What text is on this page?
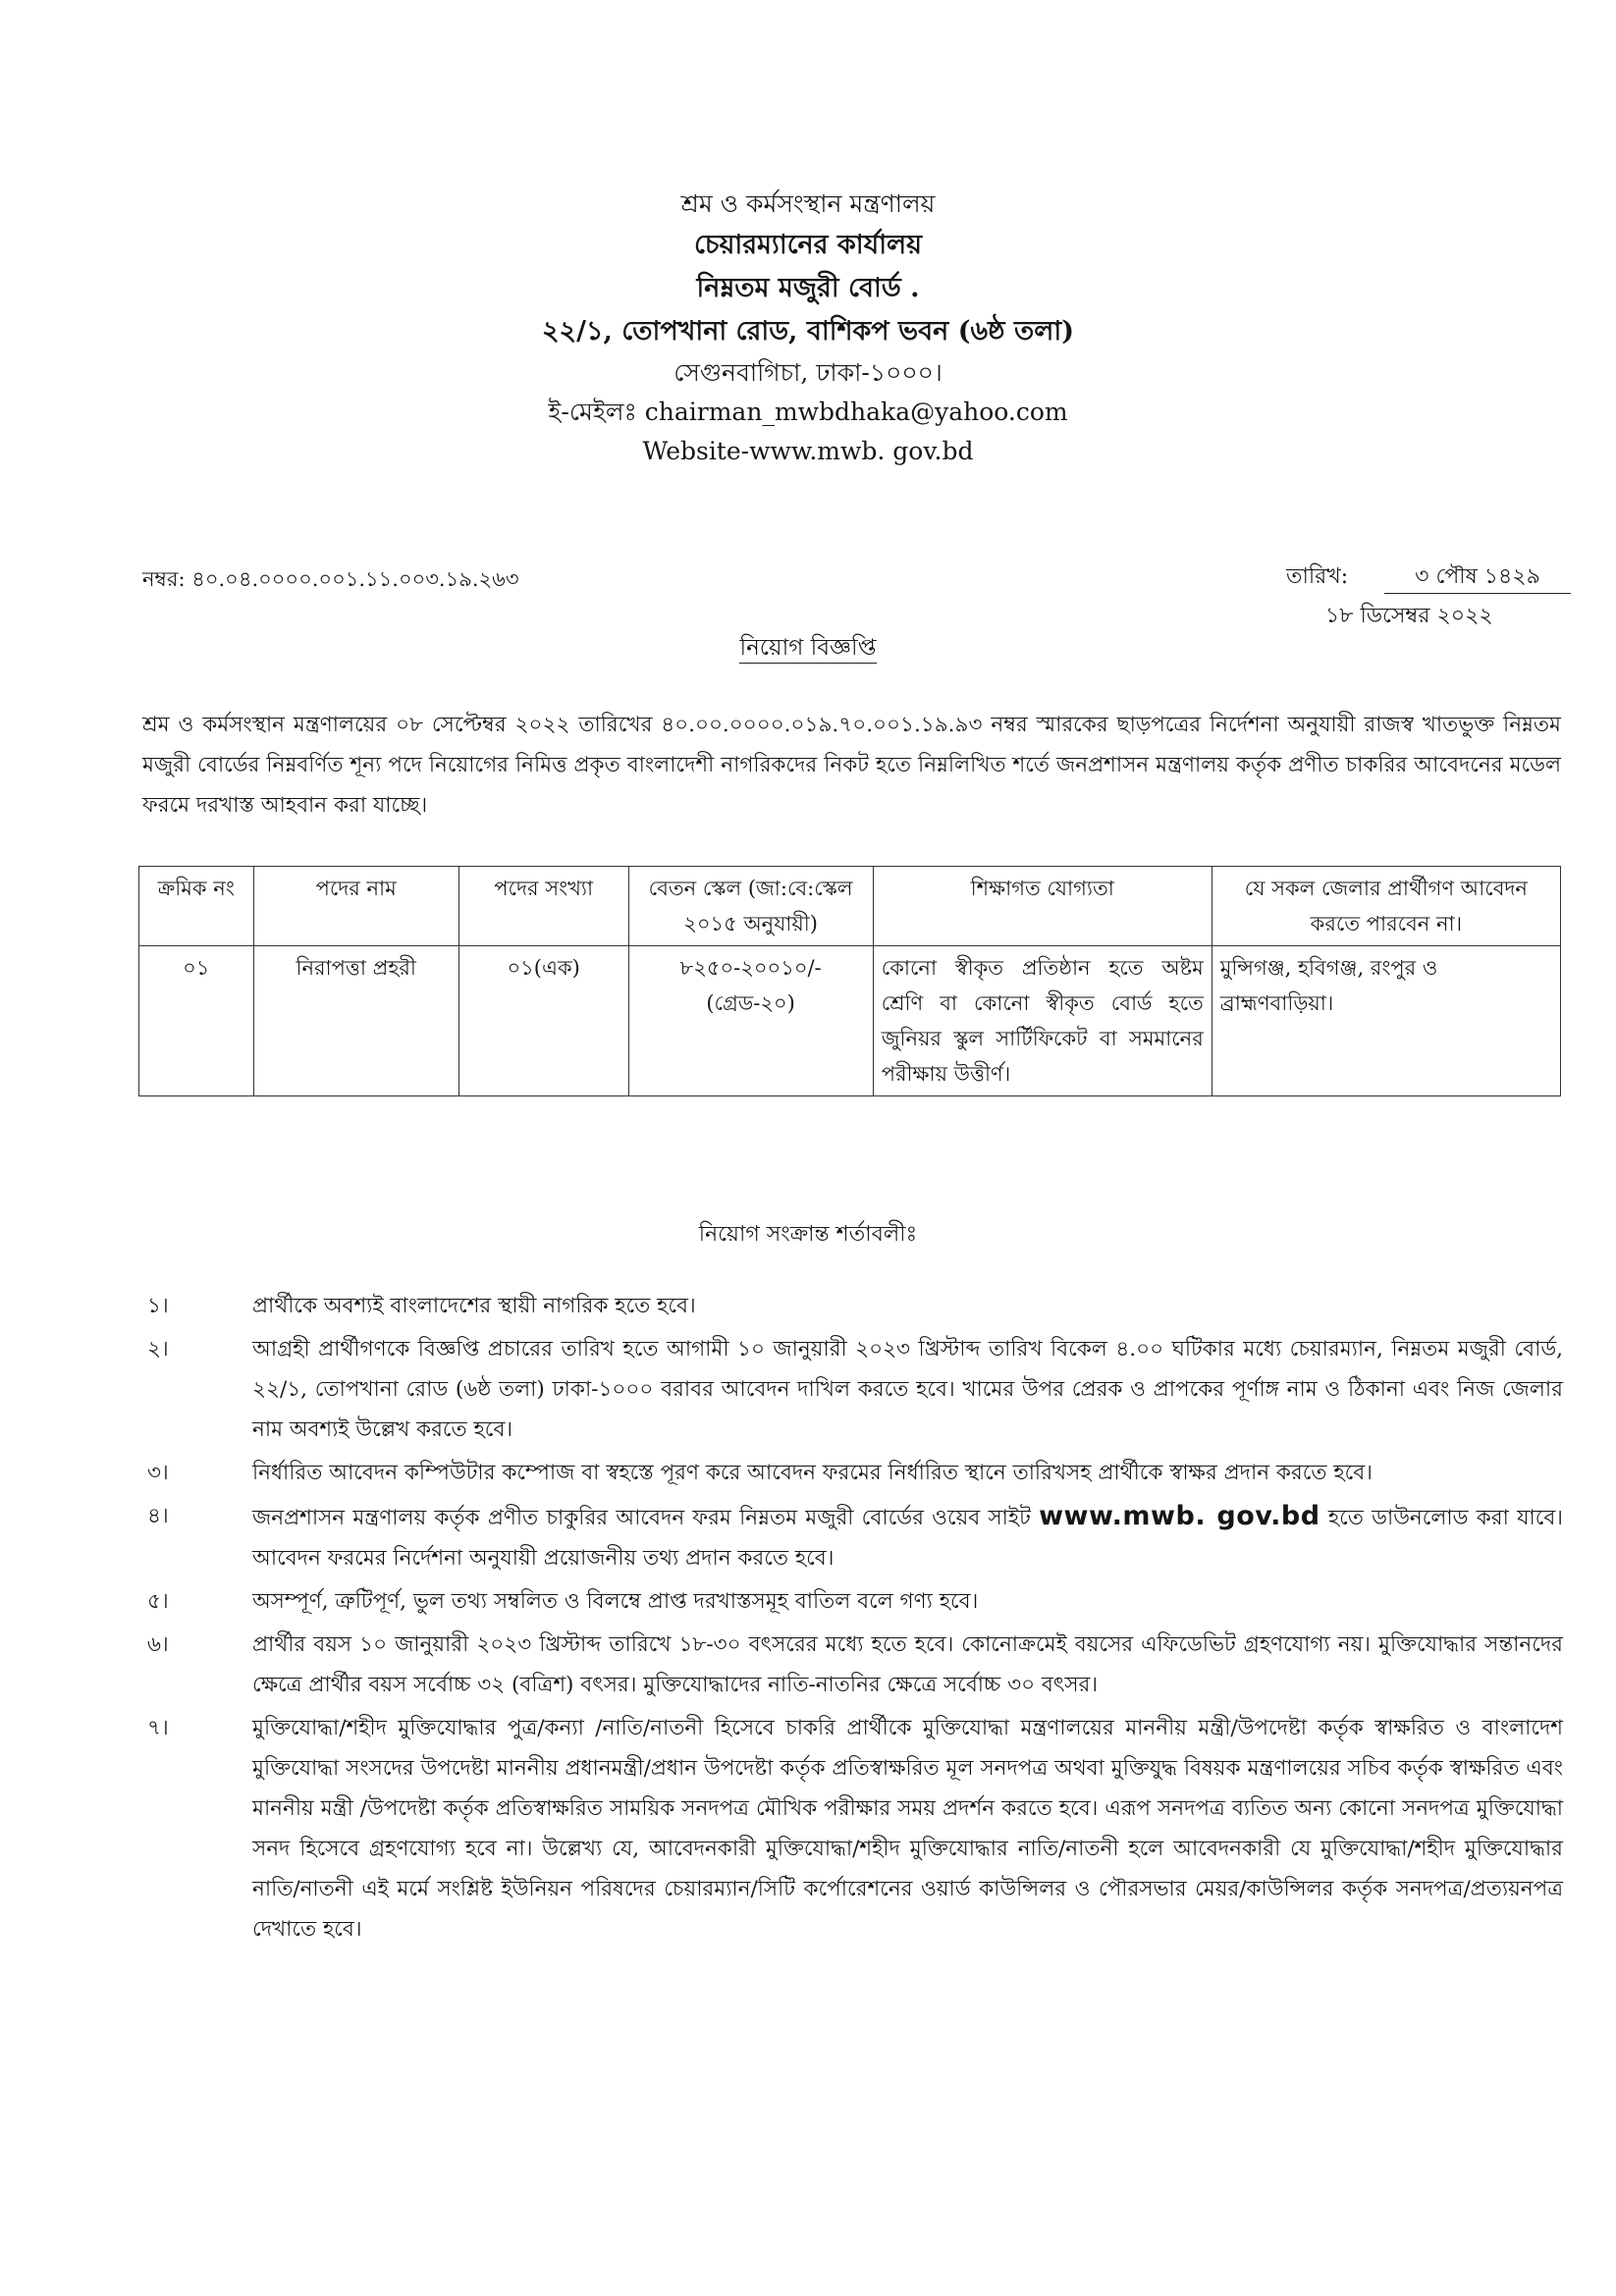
শ্রম ও কর্মসংস্থান মন্ত্রণালয়
চেয়ারম্যানের কার্যালয়
নিম্নতম মজুরী বোর্ড .
২২/১, তোপখানা রোড, বাশিকপ ভবন (৬ষ্ঠ তলা)
সেগুনবাগিচা, ঢাকা-১০০০।
ই-মেইলঃ chairman_mwbdhaka@yahoo.com
Website-www.mwb. gov.bd
নম্বর: ৪০.০৪.০০০০.০০১.১১.০০৩.১৯.২৬৩	তারিখ:	৩ পৌষ ১৪২৯
১৮ ডিসেম্বর ২০২২
নিয়োগ বিজ্ঞপ্তি
শ্রম ও কর্মসংস্থান মন্ত্রণালয়ের ০৮ সেপ্টেম্বর ২০২২ তারিখের ৪০.০০.০০০০.০১৯.৭০.০০১.১৯.৯৩ নম্বর স্মারকের ছাড়পত্রের নির্দেশনা অনুযায়ী রাজস্ব খাতভুক্ত নিম্নতম মজুরী বোর্ডের নিম্নবর্ণিত শূন্য পদে নিয়োগের নিমিত্ত প্রকৃত বাংলাদেশী নাগরিকদের নিকট হতে নিম্নলিখিত শর্তে জনপ্রশাসন মন্ত্রণালয় কর্তৃক প্রণীত চাকরির আবেদনের মডেল ফরমে দরখাস্ত আহবান করা যাচ্ছে।
ক্রমিক নং	পদের নাম	পদের সংখ্যা	বেতন স্কেল (জা:বে:স্কেল ২০১৫ অনুযায়ী)	শিক্ষাগত যোগ্যতা	যে সকল জেলার প্রার্থীগণ আবেদন করতে পারবেন না।
০১	নিরাপত্তা প্রহরী	০১(এক)	৮২৫০-২০০১০/- (গ্রেড-২০)	কোনো স্বীকৃত প্রতিষ্ঠান হতে অষ্টম শ্রেণি বা কোনো স্বীকৃত বোর্ড হতে জুনিয়র স্কুল সার্টিফিকেট বা সমমানের পরীক্ষায় উত্তীর্ণ।	মুন্সিগঞ্জ, হবিগঞ্জ, রংপুর ও ব্রাহ্মণবাড়িয়া।
নিয়োগ সংক্রান্ত শর্তাবলীঃ
১।	প্রার্থীকে অবশ্যই বাংলাদেশের স্থায়ী নাগরিক হতে হবে।
২।	আগ্রহী প্রার্থীগণকে বিজ্ঞপ্তি প্রচারের তারিখ হতে আগামী ১০ জানুয়ারী ২০২৩ খ্রিস্টাব্দ তারিখ বিকেল ৪.০০ ঘটিকার মধ্যে চেয়ারম্যান, নিম্নতম মজুরী বোর্ড, ২২/১, তোপখানা রোড (৬ষ্ঠ তলা) ঢাকা-১০০০ বরাবর আবেদন দাখিল করতে হবে। খামের উপর প্রেরক ও প্রাপকের পূর্ণাঙ্গ নাম ও ঠিকানা এবং নিজ জেলার নাম অবশ্যই উল্লেখ করতে হবে।
৩।	নির্ধারিত আবেদন কম্পিউটার কম্পোজ বা স্বহস্তে পূরণ করে আবেদন ফরমের নির্ধারিত স্থানে তারিখসহ প্রার্থীকে স্বাক্ষর প্রদান করতে হবে।
৪।	জনপ্রশাসন মন্ত্রণালয় কর্তৃক প্রণীত চাকুরির আবেদন ফরম নিম্নতম মজুরী বোর্ডের ওয়েব সাইট www.mwb. gov.bd হতে ডাউনলোড করা যাবে। আবেদন ফরমের নির্দেশনা অনুযায়ী প্রয়োজনীয় তথ্য প্রদান করতে হবে।
৫।	অসম্পূর্ণ, ত্রুটিপূর্ণ, ভুল তথ্য সম্বলিত ও বিলম্বে প্রাপ্ত দরখাস্তসমূহ বাতিল বলে গণ্য হবে।
৬।	প্রার্থীর বয়স ১০ জানুয়ারী ২০২৩ খ্রিস্টাব্দ তারিখে ১৮-৩০ বৎসরের মধ্যে হতে হবে। কোনোক্রমেই বয়সের এফিডেভিট গ্রহণযোগ্য নয়। মুক্তিযোদ্ধার সন্তানদের ক্ষেত্রে প্রার্থীর বয়স সর্বোচ্চ ৩২ (বত্রিশ) বৎসর। মুক্তিযোদ্ধাদের নাতি-নাতনির ক্ষেত্রে সর্বোচ্চ ৩০ বৎসর।
৭।	মুক্তিযোদ্ধা/শহীদ মুক্তিযোদ্ধার পুত্র/কন্যা /নাতি/নাতনী হিসেবে চাকরি প্রার্থীকে মুক্তিযোদ্ধা মন্ত্রণালয়ের মাননীয় মন্ত্রী/উপদেষ্টা কর্তৃক স্বাক্ষরিত ও বাংলাদেশ মুক্তিযোদ্ধা সংসদের উপদেষ্টা মাননীয় প্রধানমন্ত্রী/প্রধান উপদেষ্টা কর্তৃক প্রতিস্বাক্ষরিত মূল সনদপত্র অথবা মুক্তিযুদ্ধ বিষয়ক মন্ত্রণালয়ের সচিব কর্তৃক স্বাক্ষরিত এবং মাননীয় মন্ত্রী /উপদেষ্টা কর্তৃক প্রতিস্বাক্ষরিত সাময়িক সনদপত্র মৌখিক পরীক্ষার সময় প্রদর্শন করতে হবে। এরূপ সনদপত্র ব্যতিত অন্য কোনো সনদপত্র মুক্তিযোদ্ধা সনদ হিসেবে গ্রহণযোগ্য হবে না। উল্লেখ্য যে, আবেদনকারী মুক্তিযোদ্ধা/শহীদ মুক্তিযোদ্ধার নাতি/নাতনী হলে আবেদনকারী যে মুক্তিযোদ্ধা/শহীদ মুক্তিযোদ্ধার নাতি/নাতনী এই মর্মে সংশ্লিষ্ট ইউনিয়ন পরিষদের চেয়ারম্যান/সিটি কর্পোরেশনের ওয়ার্ড কাউন্সিলর ও পৌরসভার মেয়র/কাউন্সিলর কর্তৃক সনদপত্র/প্রত্যয়নপত্র দেখাতে হবে।
